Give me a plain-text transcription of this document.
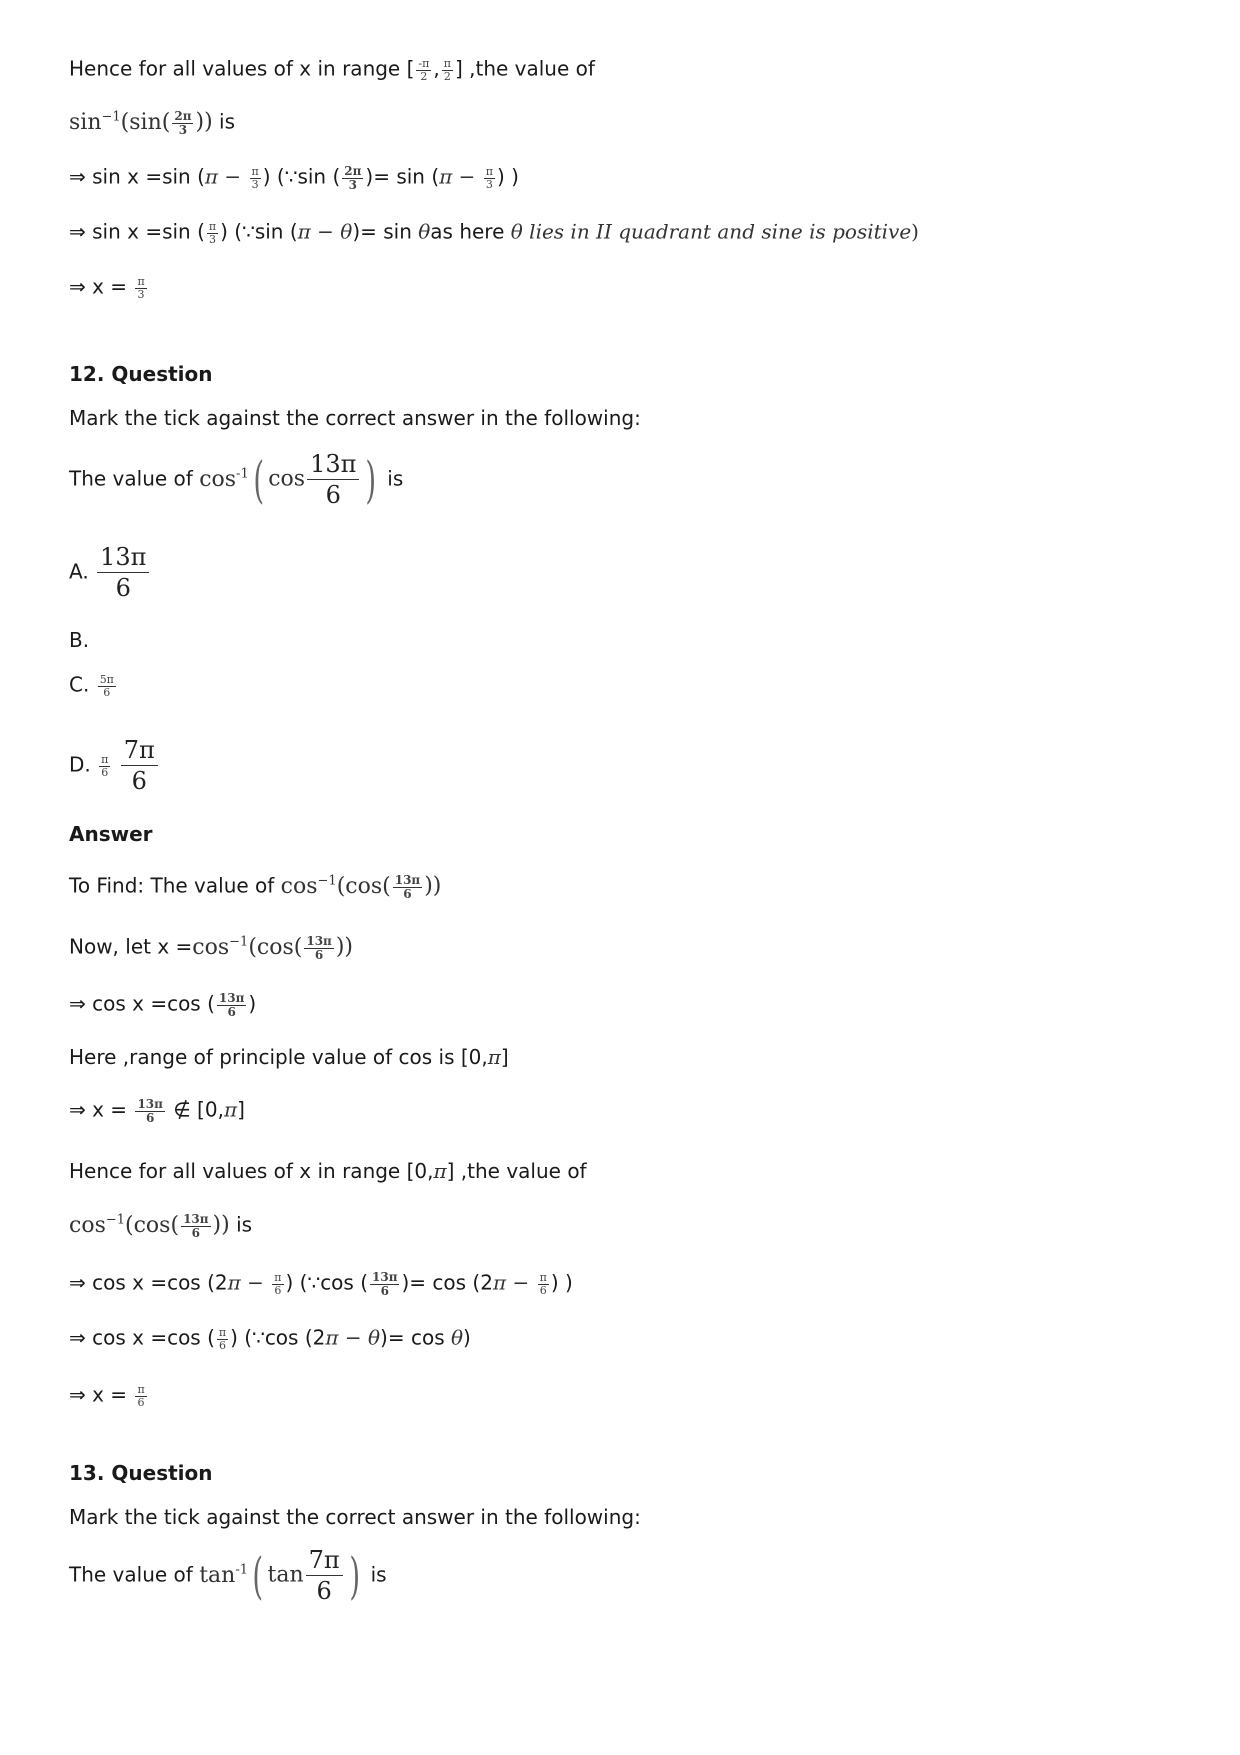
Hence for all values of x in range [ $\frac{-\pi}{2}$ , $\frac{\pi}{2}$ ] ,the value of
$\sin^{-1}(\sin( \frac{2\pi}{3}$ )) is
⇒ sin x =sin ($\pi - \frac{\pi}{3}$ ) (∵sin ( $\frac{2\pi}{3}$ )= $\sin (\pi - \frac{\pi}{3}$ ) )
⇒ sin x =sin ( $\frac{\pi}{3}$ ) (∵sin (π − θ)= sin θas here θ lies in II quadrant and sine is positive)
⇒ $x = \frac{\pi}{3}$
12. Question
Mark the tick against the correct answer in the following:
The value of $\cos^{-1}$( $\cos \frac{13\pi}{6}$ ) is
A. $\frac{13\pi}{6}$
B.
C. $\frac{5\pi}{6}$
D. $\frac{\pi}{6}$
$\frac{7\pi}{6}$
Answer
To Find: The value of $\cos^{-1}(\cos( \frac{13\pi}{6}$ ))
Now, let $x =\cos^{-1}(\cos( \frac{13\pi}{6}$ ))
⇒ cos x =cos ( $\frac{13\pi}{6}$ )
Here ,range of principle value of cos is [0,π]
⇒ $x = \frac{13\pi}{6}$ ∉ [0,π]
Hence for all values of x in range [0,π] ,the value of
$\cos^{-1}(\cos( \frac{13\pi}{6}$ )) is
⇒ cos x =cos ($2\pi - \frac{\pi}{6}$ ) (∵cos ( $\frac{13\pi}{6}$ )= $\cos (2\pi - \frac{\pi}{6}$ ) )
⇒ cos x =cos ( $\frac{\pi}{6}$ ) (∵cos (2π − θ)= cos θ)
⇒ $x = \frac{\pi}{6}$
13. Question
Mark the tick against the correct answer in the following:
The value of $\tan^{-1}$( $\tan \frac{7\pi}{6}$ ) is
